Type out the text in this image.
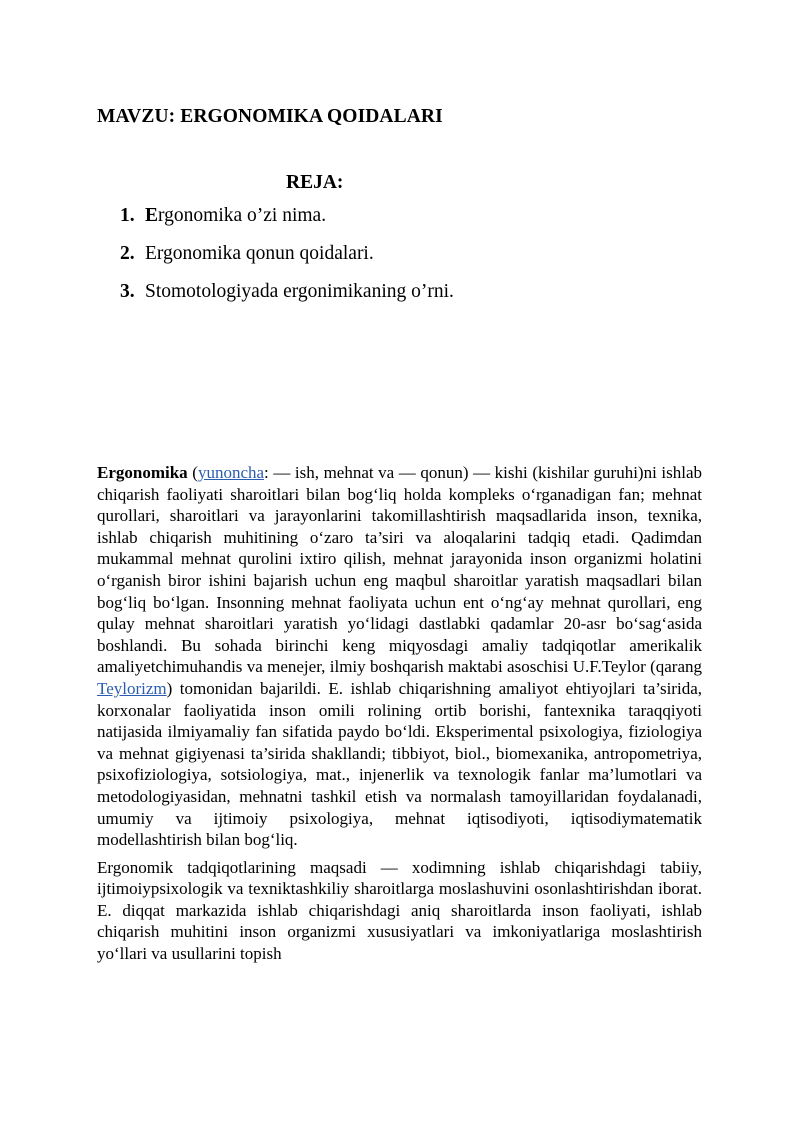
MAVZU: ERGONOMIKA QOIDALARI
REJA:
1. Ergonomika o’zi nima.
2. Ergonomika qonun qoidalari.
3. Stomotologiyada ergonimikaning o’rni.

Ergonomika (yunoncha: — ish, mehnat va — qonun) — kishi (kishilar guruhi)ni ishlab chiqarish faoliyati sharoitlari bilan bog‘liq holda kompleks o‘rganadigan fan; mehnat qurollari, sharoitlari va jarayonlarini takomillashtirish maqsadlarida inson, texnika, ishlab chiqarish muhitining o‘zaro ta’siri va aloqalarini tadqiq etadi. Qadimdan mukammal mehnat qurolini ixtiro qilish, mehnat jarayonida inson organizmi holatini o‘rganish biror ishini bajarish uchun eng maqbul sharoitlar yaratish maqsadlari bilan bog‘liq bo‘lgan. Insonning mehnat faoliyata uchun ent o‘ng‘ay mehnat qurollari, eng qulay mehnat sharoitlari yaratish yo‘lidagi dastlabki qadamlar 20-asr bo‘sag‘asida boshlandi. Bu sohada birinchi keng miqyosdagi amaliy tadqiqotlar amerikalik amaliyetchimuhandis va menejer, ilmiy boshqarish maktabi asoschisi U.F.Teylor (qarang Teylorizm) tomonidan bajarildi. E. ishlab chiqarishning amaliyot ehtiyojlari ta’sirida, korxonalar faoliyatida inson omili rolining ortib borishi, fantexnika taraqqiyoti natijasida ilmiyamaliy fan sifatida paydo bo‘ldi. Eksperimental psixologiya, fiziologiya va mehnat gigiyenasi ta’sirida shakllandi; tibbiyot, biol., biomexanika, antropometriya, psixofiziologiya, sotsiologiya, mat., injenerlik va texnologik fanlar ma’lumotlari va metodologiyasidan, mehnatni tashkil etish va normalash tamoyillaridan foydalanadi, umumiy va ijtimoiy psixologiya, mehnat iqtisodiyoti, iqtisodiymatematik modellashtirish bilan bog‘liq.

Ergonomik tadqiqotlarining maqsadi — xodimning ishlab chiqarishdagi tabiiy, ijtimoiypsixologik va texniktashkiliy sharoitlarga moslashuvini osonlashtirishdan iborat. E. diqqat markazida ishlab chiqarishdagi aniq sharoitlarda inson faoliyati, ishlab chiqarish muhitini inson organizmi xususiyatlari va imkoniyatlariga moslashtirish yo‘llari va usullarini topish
